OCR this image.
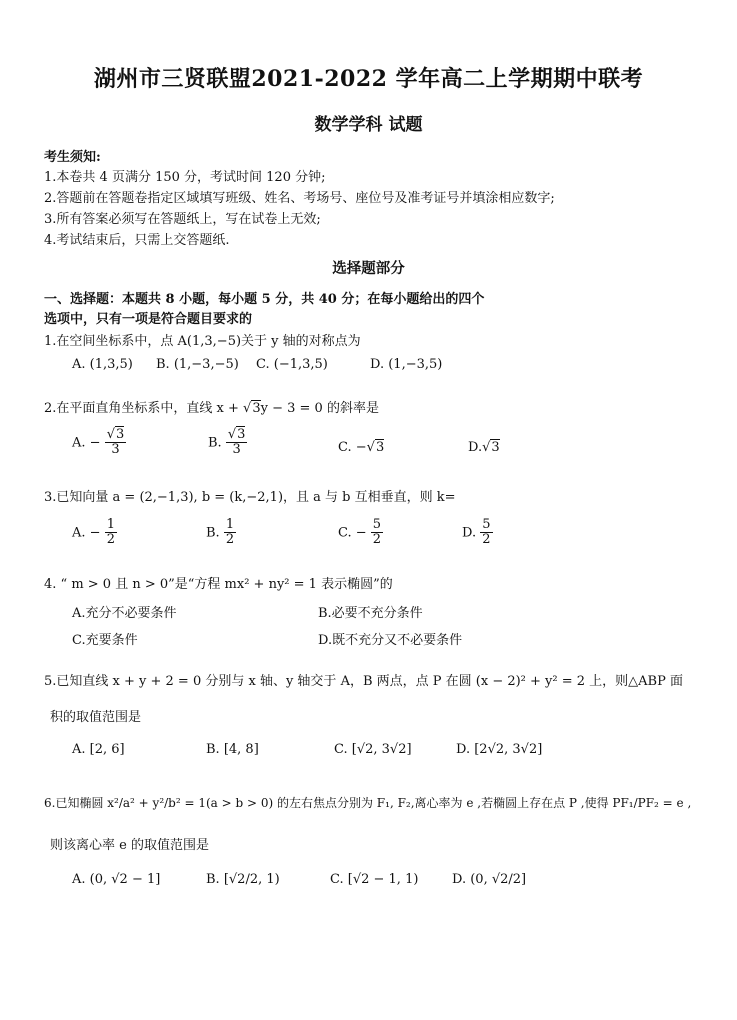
湖州市三贤联盟2021-2022 学年高二上学期期中联考
数学学科 试题
考生须知:
1.本卷共 4 页满分 150 分，考试时间 120 分钟;
2.答题前在答题卷指定区域填写班级、姓名、考场号、座位号及准考证号并填涂相应数字;
3.所有答案必须写在答题纸上，写在试卷上无效;
4.考试结束后，只需上交答题纸.
选择题部分
一、选择题：本题共 8 小题，每小题 5 分，共 40 分；在每小题给出的四个
选项中，只有一项是符合题目要求的
1.在空间坐标系中，点 A(1,3,−5)关于 y 轴的对称点为
A. (1,3,5) B. (1,−3,−5) C. (−1,3,5)	D. (1,−3,5)
2.在平面直角坐标系中，直线 x + √3y − 3 = 0 的斜率是
A. − $\frac{√3}{3}$	B. $\frac{√3}{3}$	C. −√3	D.√3
3.已知向量 a = (2,−1,3), b = (k,−2,1)，且 a 与 b 互相垂直，则 k=
A. − $\frac{1}{2}$	B. $\frac{1}{2}$	C. − $\frac{5}{2}$	D. $\frac{5}{2}$
4. “ m > 0 且 n > 0”是“方程 mx² + ny² = 1 表示椭圆”的
A.充分不必要条件	B.必要不充分条件
C.充要条件	D.既不充分又不必要条件
5.已知直线 x + y + 2 = 0 分别与 x 轴、y 轴交于 A，B 两点，点 P 在圆 (x − 2)² + y² = 2 上，则△ABP 面
积的取值范围是
A. [2, 6]	B. [4, 8]	C. [√2, 3√2]	D. [2√2, 3√2]
6.已知椭圆 x²/a² + y²/b² = 1(a > b > 0) 的左右焦点分别为 F₁, F₂,离心率为 e ,若椭圆上存在点 P ,使得 PF₁/PF₂ = e ,
则该离心率 e 的取值范围是
A. (0, √2 − 1]	B. [√2/2, 1)	C. [√2 − 1, 1)	D. (0, √2/2]
